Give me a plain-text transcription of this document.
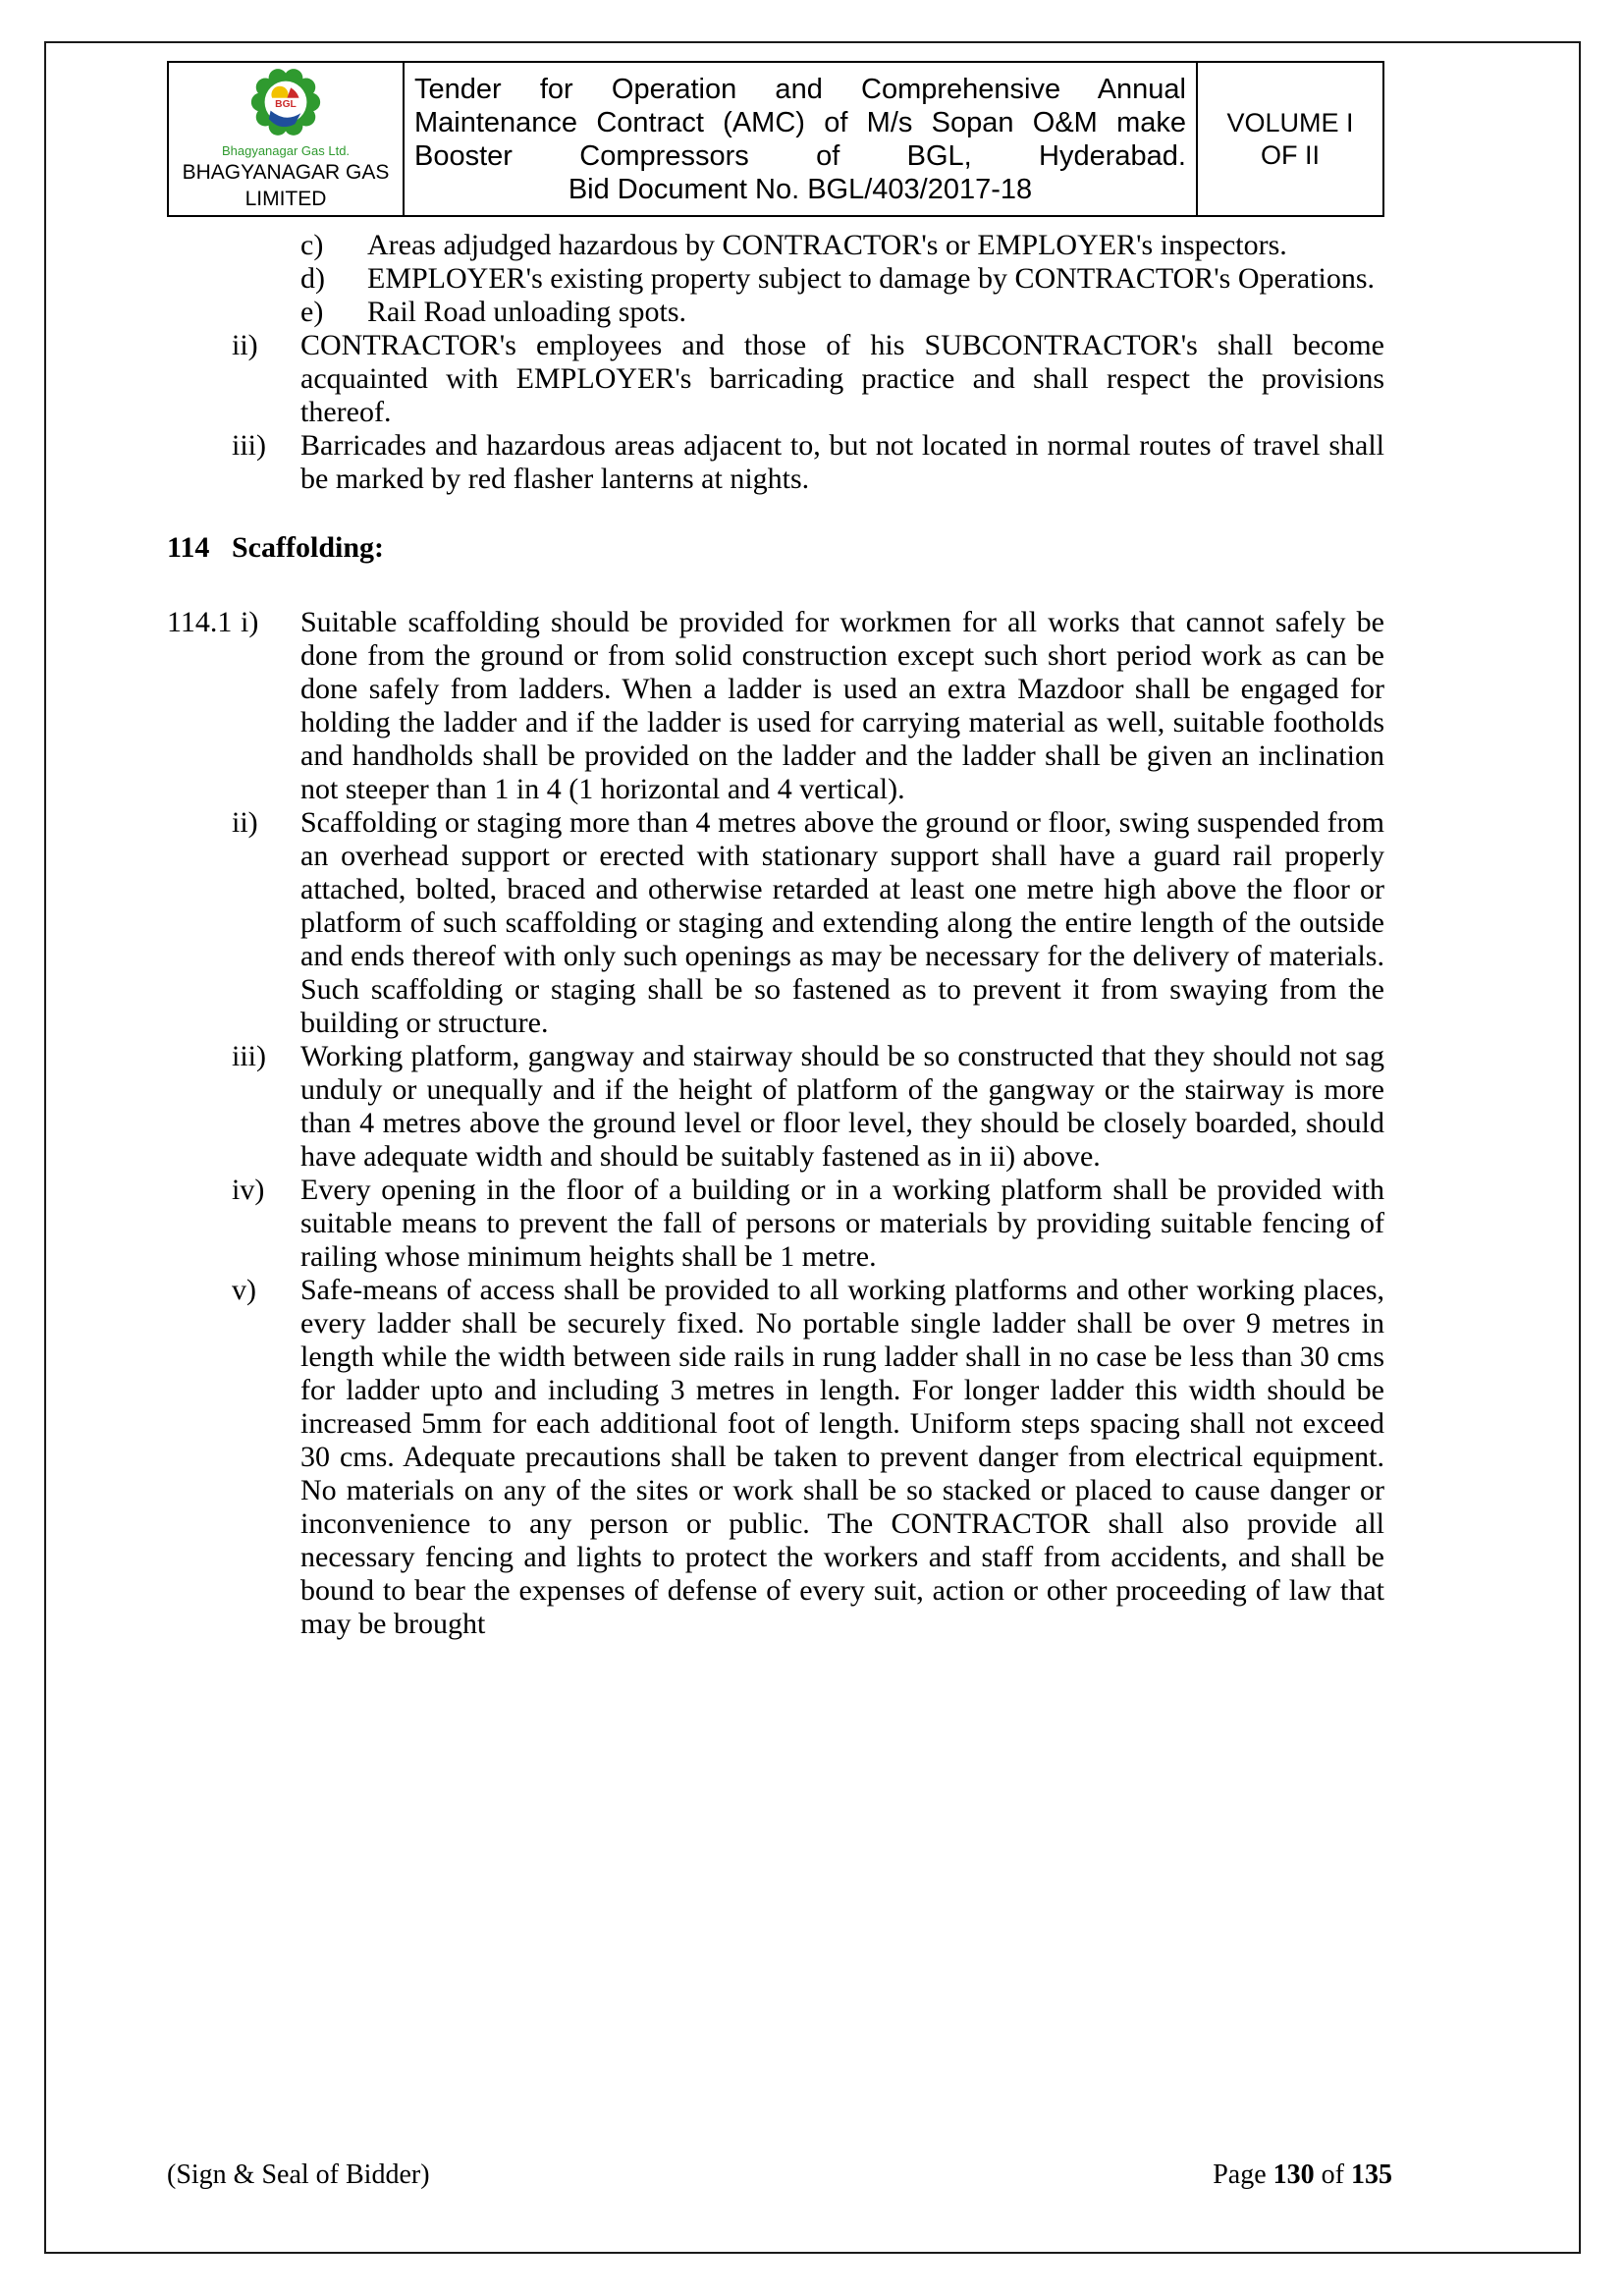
BGL
Bhagyanagar Gas Ltd.
BHAGYANAGAR GAS
LIMITED

Tender for Operation and Comprehensive Annual Maintenance Contract (AMC) of M/s Sopan O&M make Booster Compressors of BGL, Hyderabad.
Bid Document No. BGL/403/2017-18

VOLUME I
OF II
c)	Areas adjudged hazardous by CONTRACTOR's or EMPLOYER's inspectors.
d)	EMPLOYER's existing property subject to damage by CONTRACTOR's Operations.
e)	Rail Road unloading spots.
ii)	CONTRACTOR's employees and those of his SUBCONTRACTOR's shall become acquainted with EMPLOYER's barricading practice and shall respect the provisions thereof.
iii)	Barricades and hazardous areas adjacent to, but not located in normal routes of travel shall be marked by red flasher lanterns at nights.
114 Scaffolding:
114.1 i)	Suitable scaffolding should be provided for workmen for all works that cannot safely be done from the ground or from solid construction except such short period work as can be done safely from ladders. When a ladder is used an extra Mazdoor shall be engaged for holding the ladder and if the ladder is used for carrying material as well, suitable footholds and handholds shall be provided on the ladder and the ladder shall be given an inclination not steeper than 1 in 4 (1 horizontal and 4 vertical).
ii)	Scaffolding or staging more than 4 metres above the ground or floor, swing suspended from an overhead support or erected with stationary support shall have a guard rail properly attached, bolted, braced and otherwise retarded at least one metre high above the floor or platform of such scaffolding or staging and extending along the entire length of the outside and ends thereof with only such openings as may be necessary for the delivery of materials. Such scaffolding or staging shall be so fastened as to prevent it from swaying from the building or structure.
iii)	Working platform, gangway and stairway should be so constructed that they should not sag unduly or unequally and if the height of platform of the gangway or the stairway is more than 4 metres above the ground level or floor level, they should be closely boarded, should have adequate width and should be suitably fastened as in ii) above.
iv)	Every opening in the floor of a building or in a working platform shall be provided with suitable means to prevent the fall of persons or materials by providing suitable fencing of railing whose minimum heights shall be 1 metre.
v)	Safe-means of access shall be provided to all working platforms and other working places, every ladder shall be securely fixed. No portable single ladder shall be over 9 metres in length while the width between side rails in rung ladder shall in no case be less than 30 cms for ladder upto and including 3 metres in length. For longer ladder this width should be increased 5mm for each additional foot of length. Uniform steps spacing shall not exceed 30 cms. Adequate precautions shall be taken to prevent danger from electrical equipment. No materials on any of the sites or work shall be so stacked or placed to cause danger or inconvenience to any person or public. The CONTRACTOR shall also provide all necessary fencing and lights to protect the workers and staff from accidents, and shall be bound to bear the expenses of defense of every suit, action or other proceeding of law that may be brought
(Sign & Seal of Bidder)	Page 130 of 135
